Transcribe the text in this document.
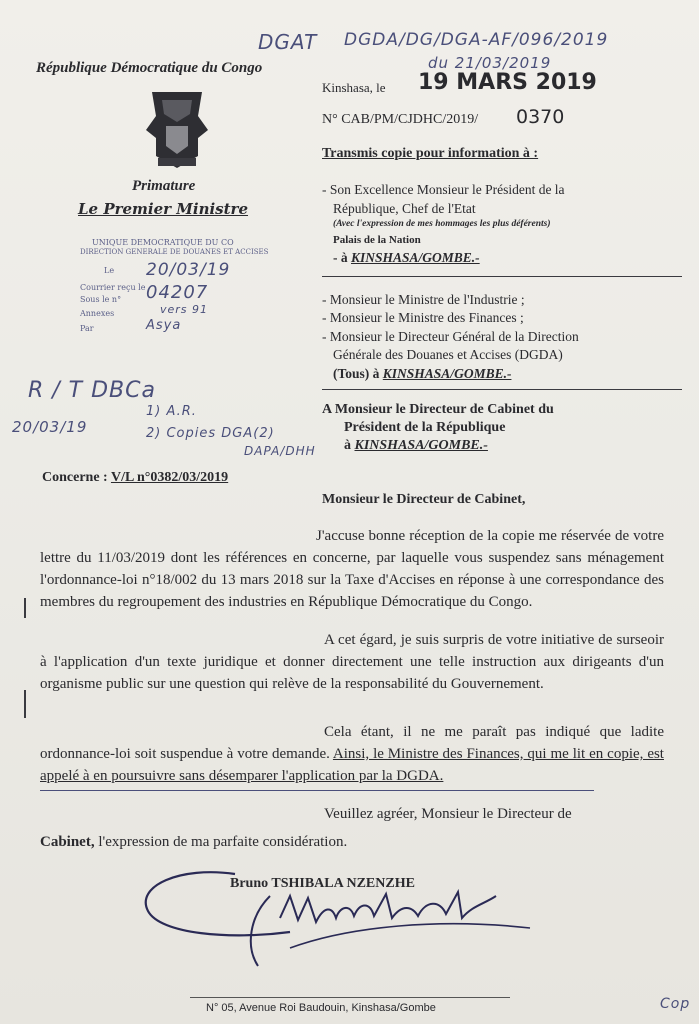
DGAT DGDA/DG/DGA-AF/096/2019
du 21/03/2019
République Démocratique du Congo
Primature
Le Premier Ministre
Kinshasa, le 19 MARS 2019
N° CAB/PM/CJDHC/2019/ 0370
UNIQUE DEMOCRATIQUE DU CO
DIRECTION GENERALE DE DOUANES ET ACCISES
Le 20/03/19
Courrier reçu le
Sous le n° 04207
Annexes	vers 91
Par	Asya
R / T DBCa
20/03/19
1) A.R.
2) Copies DGA(2)
DAPA/DHH
Transmis copie pour information à :
- Son Excellence Monsieur le Président de la
République, Chef de l'Etat
(Avec l'expression de mes hommages les plus déférents)
Palais de la Nation
- à KINSHASA/GOMBE.-
- Monsieur le Ministre de l'Industrie ;
- Monsieur le Ministre des Finances ;
- Monsieur le Directeur Général de la Direction
Générale des Douanes et Accises (DGDA)
(Tous) à KINSHASA/GOMBE.-
A Monsieur le Directeur de Cabinet du
Président de la République
à KINSHASA/GOMBE.-
Concerne : V/L n°0382/03/2019
Monsieur le Directeur de Cabinet,
J'accuse bonne réception de la copie me réservée de votre lettre du 11/03/2019 dont les références en concerne, par laquelle vous suspendez sans ménagement l'ordonnance-loi n°18/002 du 13 mars 2018 sur la Taxe d'Accises en réponse à une correspondance des membres du regroupement des industries en République Démocratique du Congo.
A cet égard, je suis surpris de votre initiative de surseoir à l'application d'un texte juridique et donner directement une telle instruction aux dirigeants d'un organisme public sur une question qui relève de la responsabilité du Gouvernement.
Cela étant, il ne me paraît pas indiqué que ladite ordonnance-loi soit suspendue à votre demande. Ainsi, le Ministre des Finances, qui me lit en copie, est appelé à en poursuivre sans désemparer l'application par la DGDA.
Veuillez agréer, Monsieur le Directeur de
Cabinet, l'expression de ma parfaite considération.
Bruno TSHIBALA NZENZHE
N° 05, Avenue Roi Baudouin, Kinshasa/Gombe	Cop
